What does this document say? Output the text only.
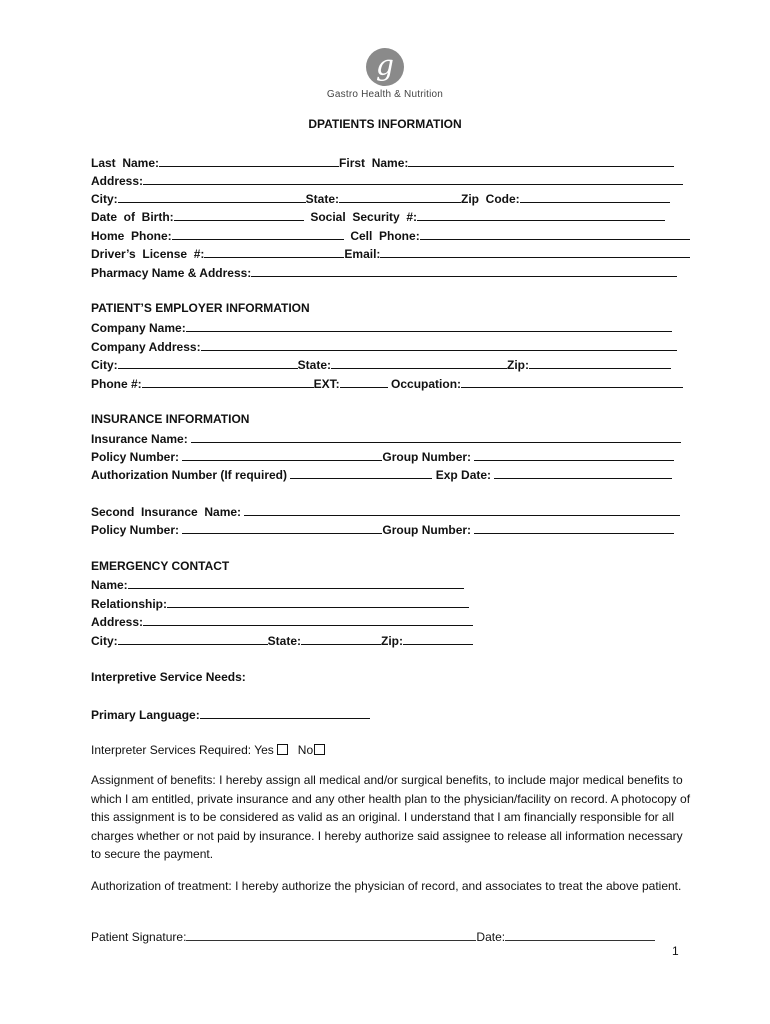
g
Gastro Health & Nutrition
DPATIENTS INFORMATION
Last  Name:	First  Name:
Address:
City:	State:	Zip  Code:
Date  of  Birth:	Social  Security  #:
Home  Phone:	Cell  Phone:
Driver’s  License  #:	Email:
Pharmacy Name & Address:
PATIENT’S EMPLOYER INFORMATION
Company Name:
Company Address:
City:	State:	Zip:
Phone #:	EXT:	Occupation:
INSURANCE INFORMATION
Insurance Name:
Policy Number:	Group Number:
Authorization Number (If required)	Exp Date:
Second  Insurance  Name:
Policy Number:	Group Number:
EMERGENCY CONTACT
Name:
Relationship:
Address:
City:	State:	Zip:
Interpretive Service Needs:
Primary Language:
Interpreter Services Required: Yes No
Assignment of benefits: I hereby assign all medical and/or surgical benefits, to include major medical benefits to which I am entitled, private insurance and any other health plan to the physician/facility on record. A photocopy of this assignment is to be considered as valid as an original. I understand that I am financially responsible for all charges whether or not paid by insurance. I hereby authorize said assignee to release all information necessary to secure the payment.
Authorization of treatment: I hereby authorize the physician of record, and associates to treat the above patient.
Patient Signature:	Date:
1
